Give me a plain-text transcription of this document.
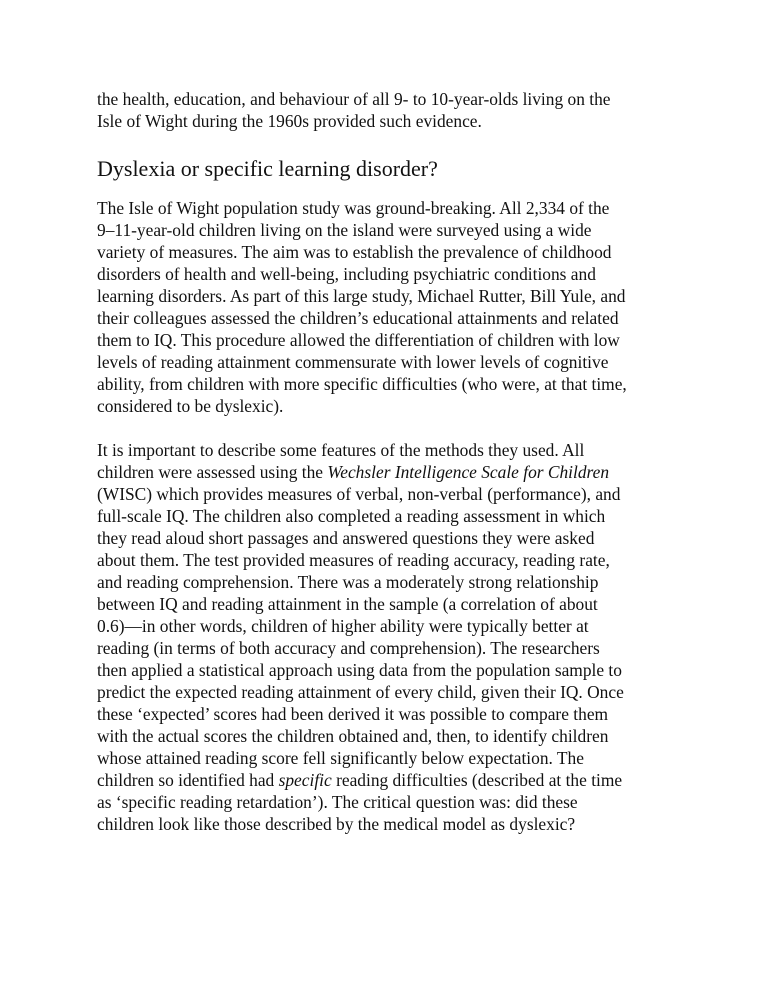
the health, education, and behaviour of all 9- to 10-year-olds living on the
Isle of Wight during the 1960s provided such evidence.
Dyslexia or specific learning disorder?
The Isle of Wight population study was ground-breaking. All 2,334 of the
9–11-year-old children living on the island were surveyed using a wide
variety of measures. The aim was to establish the prevalence of childhood
disorders of health and well-being, including psychiatric conditions and
learning disorders. As part of this large study, Michael Rutter, Bill Yule, and
their colleagues assessed the children’s educational attainments and related
them to IQ. This procedure allowed the differentiation of children with low
levels of reading attainment commensurate with lower levels of cognitive
ability, from children with more specific difficulties (who were, at that time,
considered to be dyslexic).
It is important to describe some features of the methods they used. All
children were assessed using the Wechsler Intelligence Scale for Children
(WISC) which provides measures of verbal, non-verbal (performance), and
full-scale IQ. The children also completed a reading assessment in which
they read aloud short passages and answered questions they were asked
about them. The test provided measures of reading accuracy, reading rate,
and reading comprehension. There was a moderately strong relationship
between IQ and reading attainment in the sample (a correlation of about
0.6)—in other words, children of higher ability were typically better at
reading (in terms of both accuracy and comprehension). The researchers
then applied a statistical approach using data from the population sample to
predict the expected reading attainment of every child, given their IQ. Once
these ‘expected’ scores had been derived it was possible to compare them
with the actual scores the children obtained and, then, to identify children
whose attained reading score fell significantly below expectation. The
children so identified had specific reading difficulties (described at the time
as ‘specific reading retardation’). The critical question was: did these
children look like those described by the medical model as dyslexic?
